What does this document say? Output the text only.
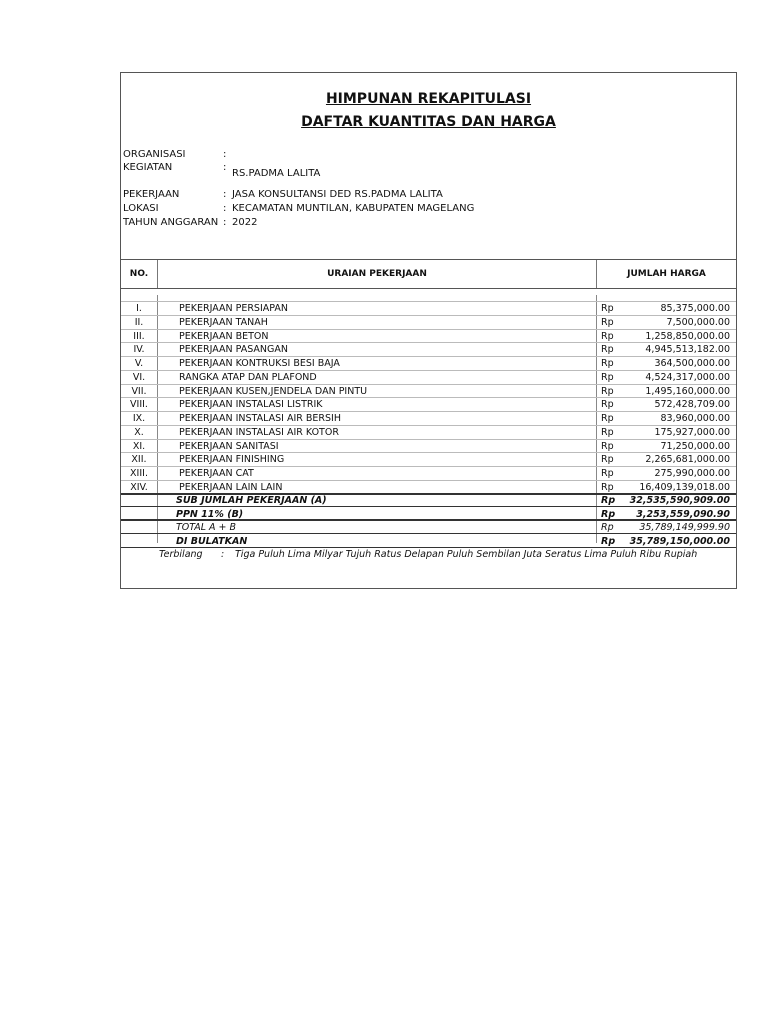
HIMPUNAN REKAPITULASI
DAFTAR KUANTITAS DAN HARGA
ORGANISASI	:
KEGIATAN	:
RS.PADMA LALITA
PEKERJAAN	: JASA KONSULTANSI DED RS.PADMA LALITA
LOKASI	: KECAMATAN MUNTILAN, KABUPATEN MAGELANG
TAHUN ANGGARAN : 2022
NO.	URAIAN PEKERJAAN	JUMLAH HARGA
I.	PEKERJAAN PERSIAPAN	Rp	85,375,000.00
II.	PEKERJAAN TANAH	Rp	7,500,000.00
III.	PEKERJAAN BETON	Rp	1,258,850,000.00
IV.	PEKERJAAN PASANGAN	Rp	4,945,513,182.00
V.	PEKERJAAN KONTRUKSI BESI BAJA	Rp	364,500,000.00
VI.	RANGKA ATAP DAN PLAFOND	Rp	4,524,317,000.00
VII.	PEKERJAAN KUSEN,JENDELA DAN PINTU	Rp	1,495,160,000.00
VIII.	PEKERJAAN INSTALASI LISTRIK	Rp	572,428,709.00
IX.	PEKERJAAN INSTALASI AIR BERSIH	Rp	83,960,000.00
X.	PEKERJAAN INSTALASI AIR KOTOR	Rp	175,927,000.00
XI.	PEKERJAAN SANITASI	Rp	71,250,000.00
XII.	PEKERJAAN FINISHING	Rp	2,265,681,000.00
XIII.	PEKERJAAN CAT	Rp	275,990,000.00
XIV.	PEKERJAAN LAIN LAIN	Rp	16,409,139,018.00
SUB JUMLAH PEKERJAAN (A)	Rp 32,535,590,909.00
PPN 11% (B)	Rp 3,253,559,090.90
TOTAL A + B	Rp	35,789,149,999.90
DI BULATKAN	Rp 35,789,150,000.00
Terbilang : Tiga Puluh Lima Milyar Tujuh Ratus Delapan Puluh Sembilan Juta Seratus Lima Puluh Ribu Rupiah
